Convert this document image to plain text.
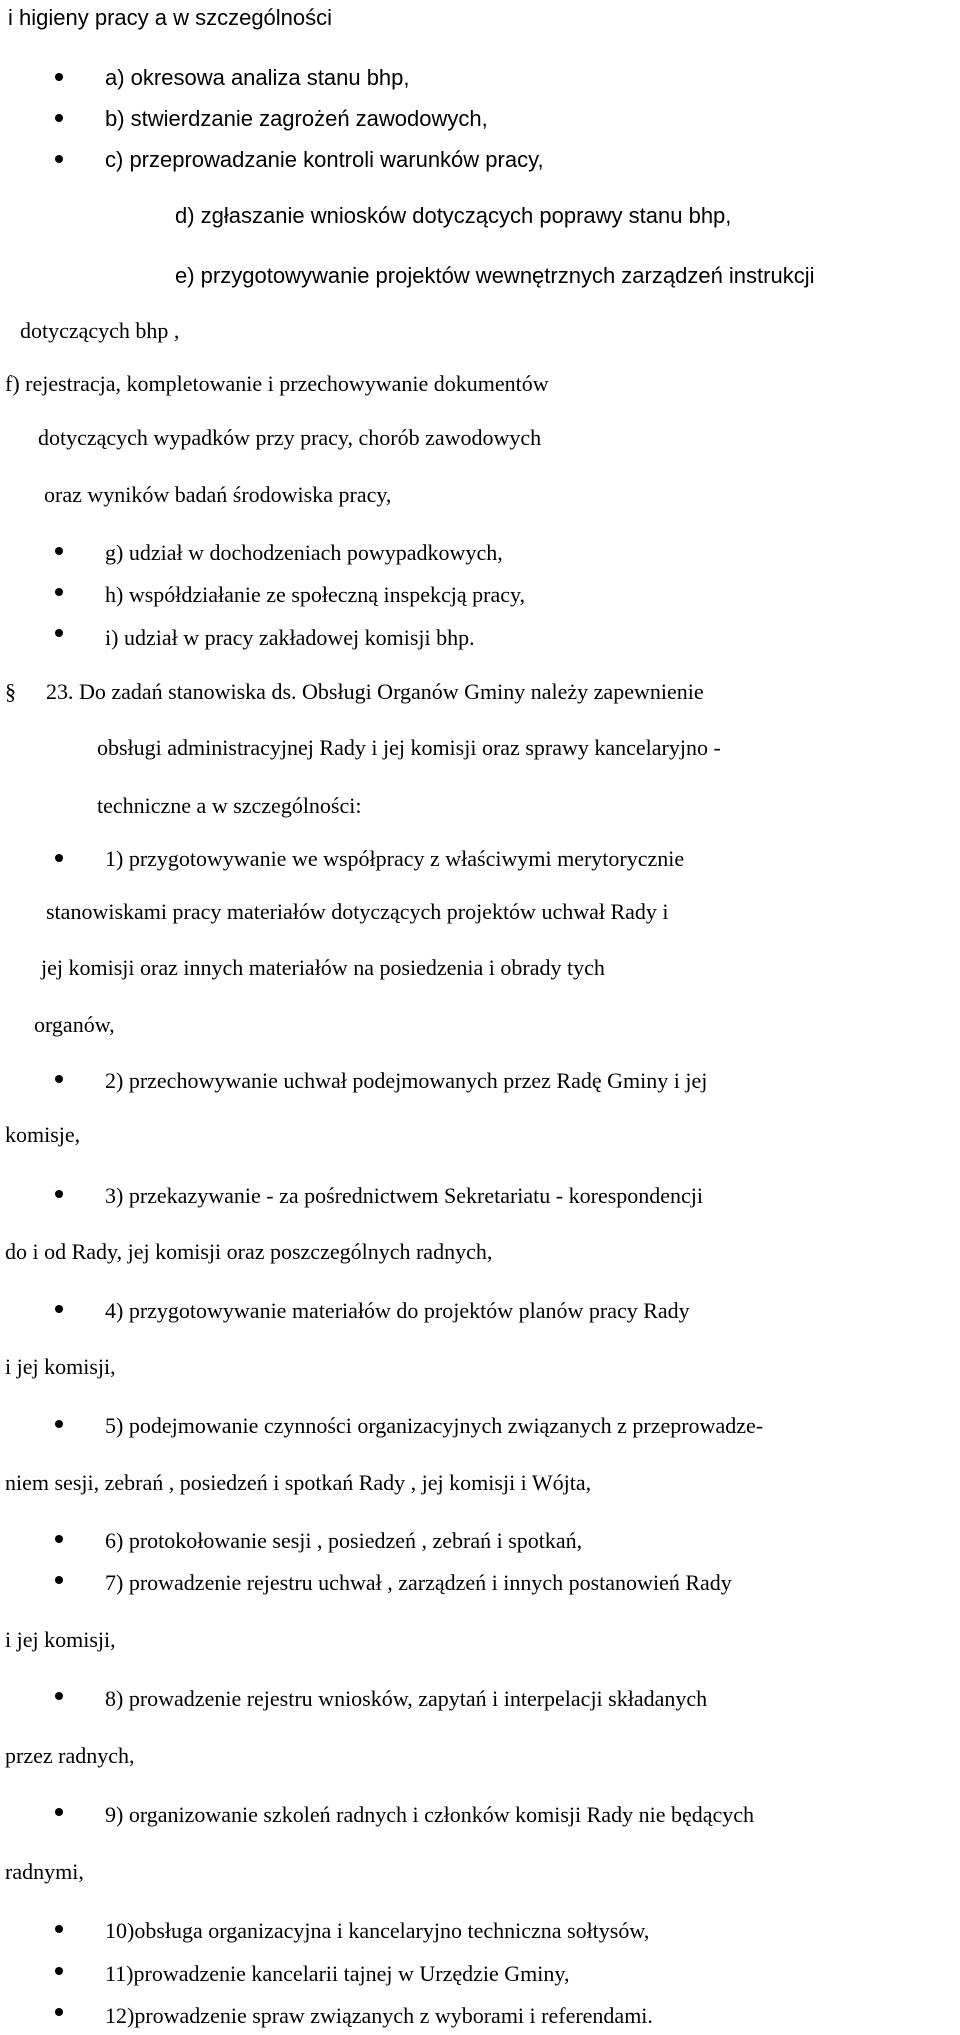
i higieny pracy a w szczególności

a) okresowa analiza stanu bhp,

b) stwierdzanie zagrożeń zawodowych,

c) przeprowadzanie kontroli warunków pracy,

d) zgłaszanie wniosków dotyczących poprawy stanu bhp,

e) przygotowywanie projektów wewnętrznych zarządzeń instrukcji

dotyczących bhp ,

f) rejestracja, kompletowanie i przechowywanie dokumentów

dotyczących wypadków przy pracy, chorób zawodowych

oraz wyników badań środowiska pracy,

g) udział w dochodzeniach powypadkowych,

h) współdziałanie ze społeczną inspekcją pracy,

i) udział w pracy zakładowej komisji bhp.

§ 23. Do zadań stanowiska ds. Obsługi Organów Gminy należy zapewnienie

obsługi administracyjnej Rady i jej komisji oraz sprawy kancelaryjno -

techniczne a w szczególności:

1) przygotowywanie we współpracy z właściwymi merytorycznie

stanowiskami pracy materiałów dotyczących projektów uchwał Rady i

jej komisji oraz innych materiałów na posiedzenia i obrady tych

organów,

2) przechowywanie uchwał podejmowanych przez Radę Gminy i jej

komisje,

3) przekazywanie - za pośrednictwem Sekretariatu - korespondencji

do i od Rady, jej komisji oraz poszczególnych radnych,

4) przygotowywanie materiałów do projektów planów pracy Rady

i jej komisji,

5) podejmowanie czynności organizacyjnych związanych z przeprowadze-

niem sesji, zebrań , posiedzeń i spotkań Rady , jej komisji i Wójta,

6) protokołowanie sesji , posiedzeń , zebrań i spotkań,

7) prowadzenie rejestru uchwał , zarządzeń i innych postanowień Rady

i jej komisji,

8) prowadzenie rejestru wniosków, zapytań i interpelacji składanych

przez radnych,

9) organizowanie szkoleń radnych i członków komisji Rady nie będących

radnymi,

10)obsługa organizacyjna i kancelaryjno techniczna sołtysów,

11)prowadzenie kancelarii tajnej w Urzędzie Gminy,

12)prowadzenie spraw związanych z wyborami i referendami.
